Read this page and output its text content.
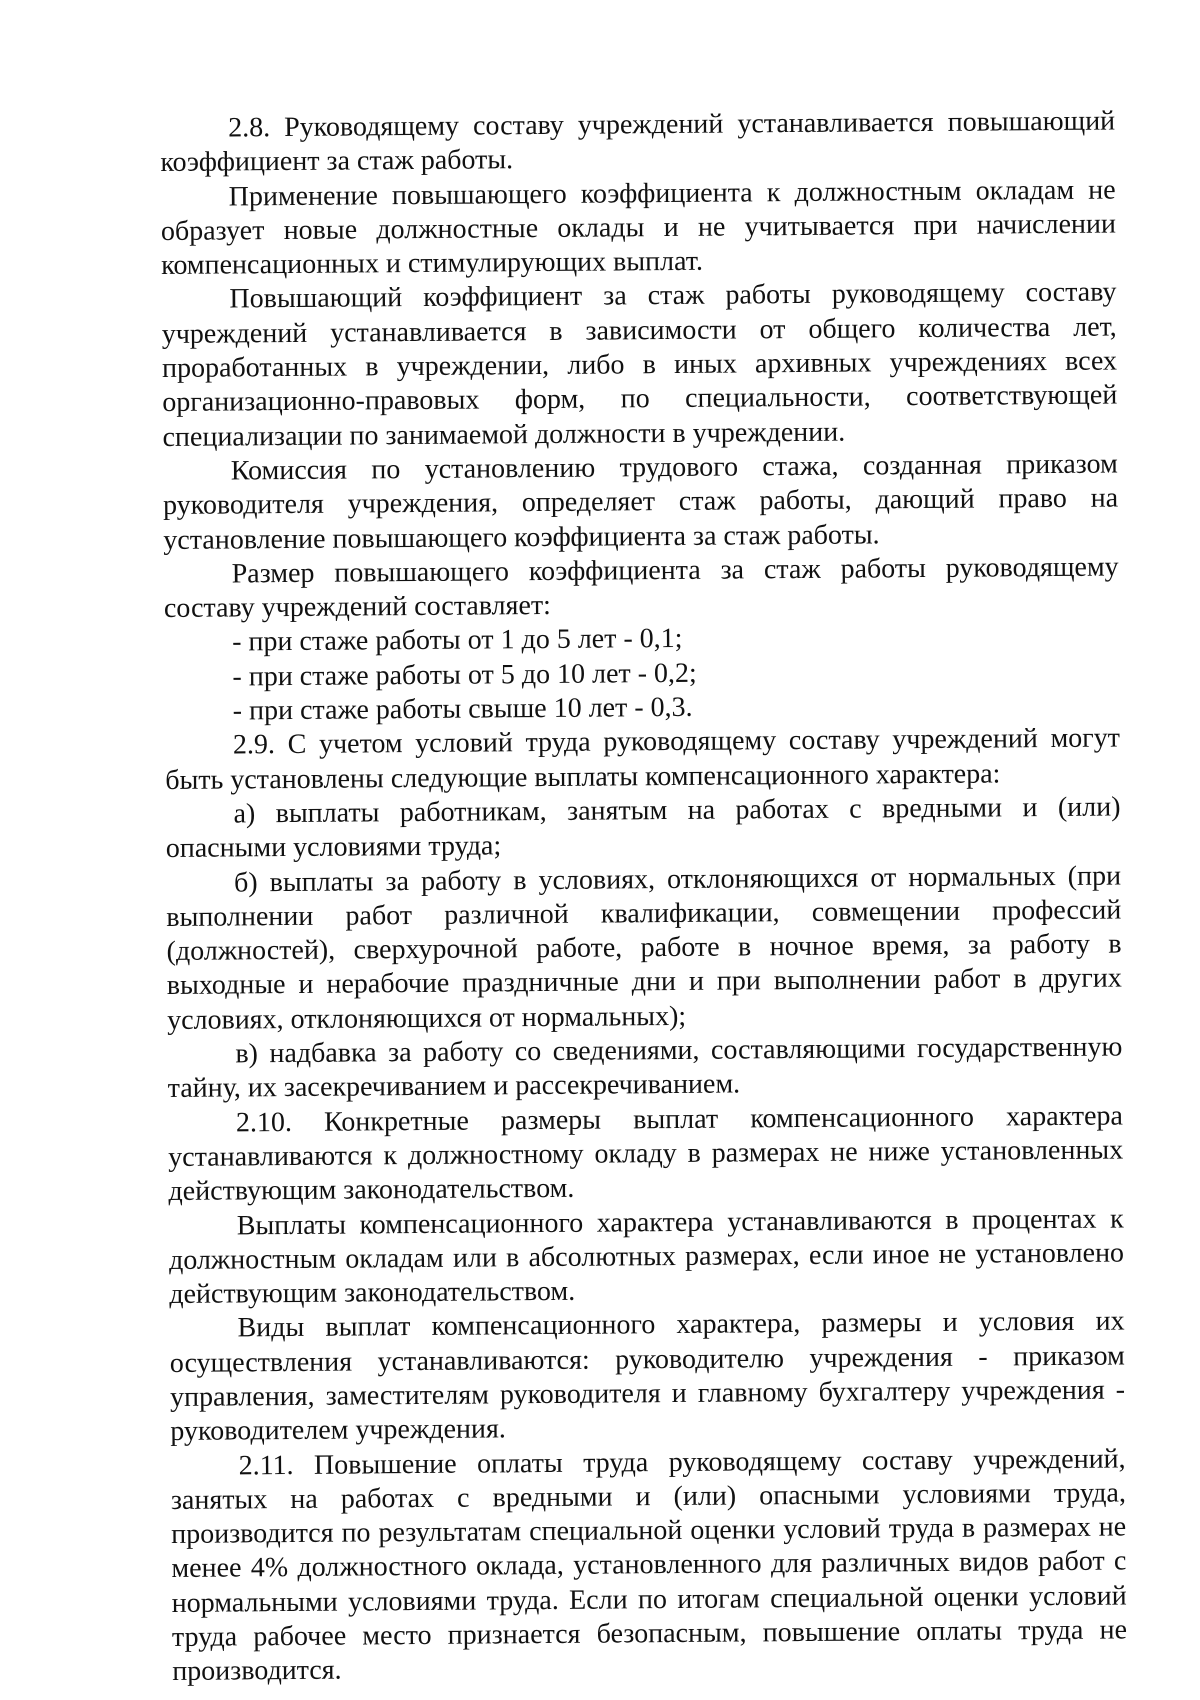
2.8. Руководящему составу учреждений устанавливается повышающий коэффициент за стаж работы.

Применение повышающего коэффициента к должностным окладам не образует новые должностные оклады и не учитывается при начислении компенсационных и стимулирующих выплат.

Повышающий коэффициент за стаж работы руководящему составу учреждений устанавливается в зависимости от общего количества лет, проработанных в учреждении, либо в иных архивных учреждениях всех организационно-правовых форм, по специальности, соответствующей специализации по занимаемой должности в учреждении.

Комиссия по установлению трудового стажа, созданная приказом руководителя учреждения, определяет стаж работы, дающий право на установление повышающего коэффициента за стаж работы.

Размер повышающего коэффициента за стаж работы руководящему составу учреждений составляет:

- при стаже работы от 1 до 5 лет - 0,1;

- при стаже работы от 5 до 10 лет - 0,2;

- при стаже работы свыше 10 лет - 0,3.

2.9. С учетом условий труда руководящему составу учреждений могут быть установлены следующие выплаты компенсационного характера:

а) выплаты работникам, занятым на работах с вредными и (или) опасными условиями труда;

б) выплаты за работу в условиях, отклоняющихся от нормальных (при выполнении работ различной квалификации, совмещении профессий (должностей), сверхурочной работе, работе в ночное время, за работу в выходные и нерабочие праздничные дни и при выполнении работ в других условиях, отклоняющихся от нормальных);

в) надбавка за работу со сведениями, составляющими государственную тайну, их засекречиванием и рассекречиванием.

2.10. Конкретные размеры выплат компенсационного характера устанавливаются к должностному окладу в размерах не ниже установленных действующим законодательством.

Выплаты компенсационного характера устанавливаются в процентах к должностным окладам или в абсолютных размерах, если иное не установлено действующим законодательством.

Виды выплат компенсационного характера, размеры и условия их осуществления устанавливаются: руководителю учреждения - приказом управления, заместителям руководителя и главному бухгалтеру учреждения - руководителем учреждения.

2.11. Повышение оплаты труда руководящему составу учреждений, занятых на работах с вредными и (или) опасными условиями труда, производится по результатам специальной оценки условий труда в размерах не менее 4% должностного оклада, установленного для различных видов работ с нормальными условиями труда. Если по итогам специальной оценки условий труда рабочее место признается безопасным, повышение оплаты труда не производится.
